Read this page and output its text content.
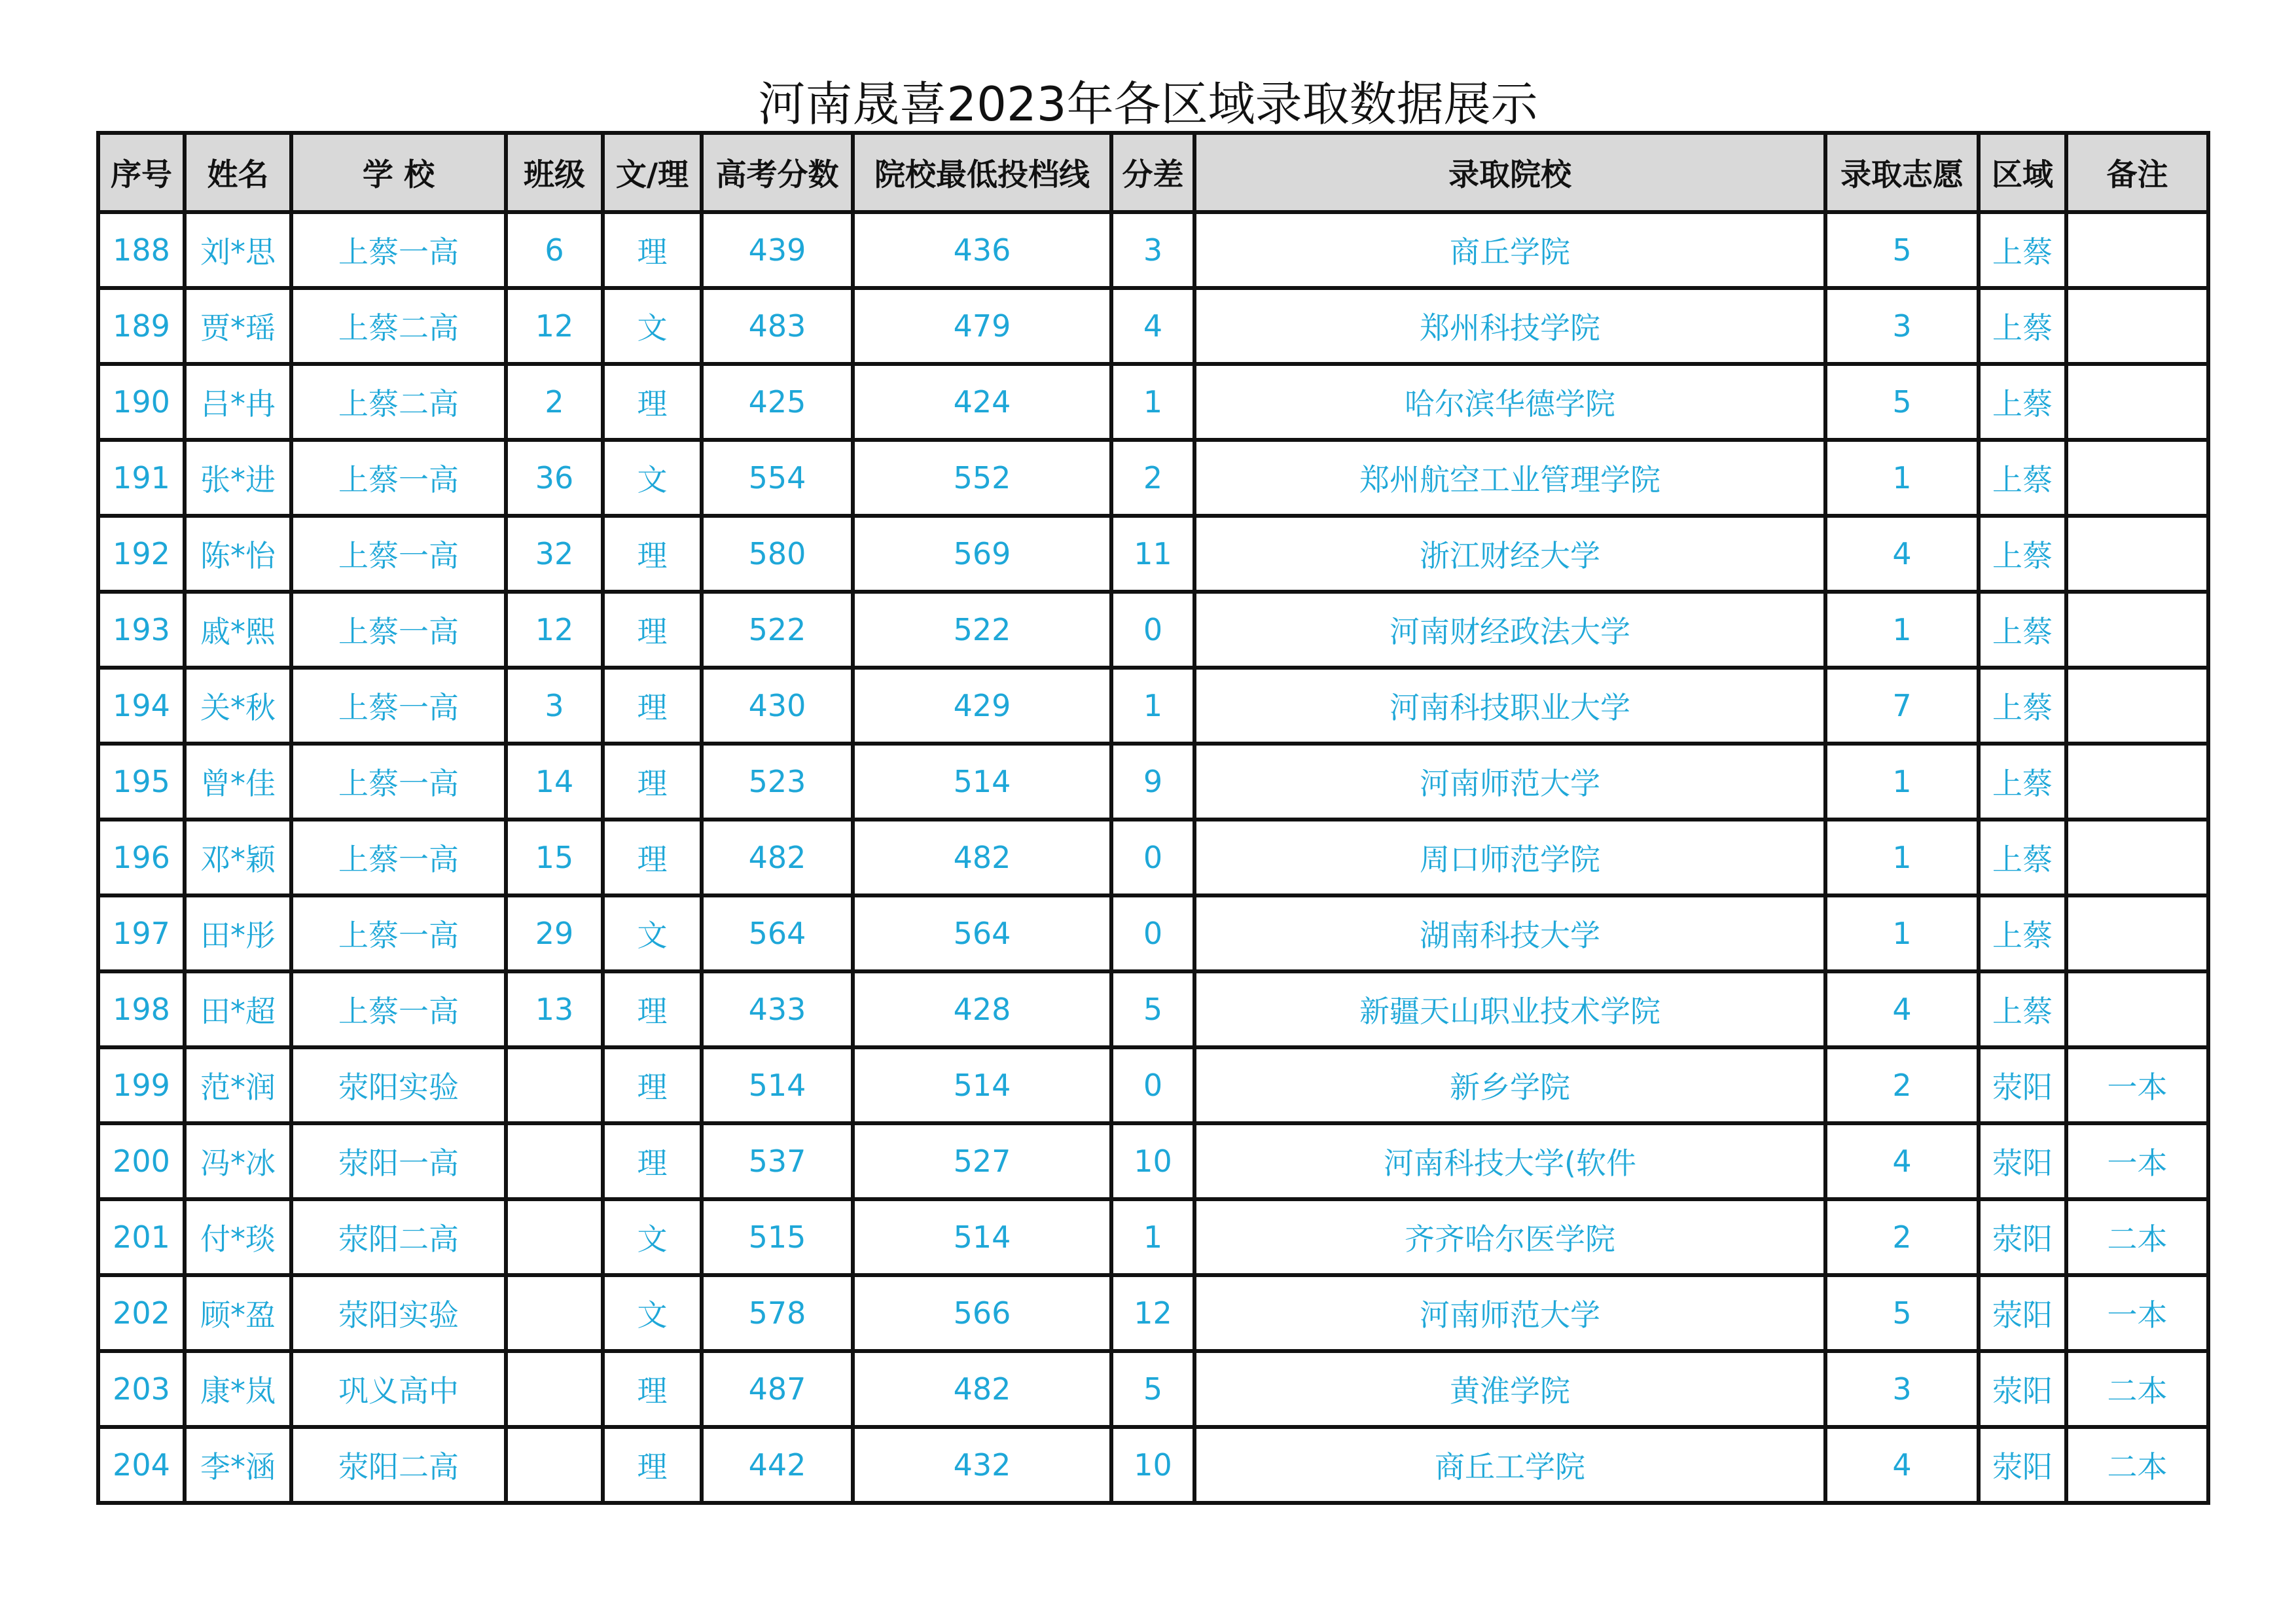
河南晟喜2023年各区域录取数据展示
序号	姓名	学 校	班级	文/理	高考分数	院校最低投档线	分差	录取院校	录取志愿	区域	备注
188	刘*思	上蔡一高	6	理	439	436	3	商丘学院	5	上蔡	
189	贾*瑶	上蔡二高	12	文	483	479	4	郑州科技学院	3	上蔡	
190	吕*冉	上蔡二高	2	理	425	424	1	哈尔滨华德学院	5	上蔡	
191	张*进	上蔡一高	36	文	554	552	2	郑州航空工业管理学院	1	上蔡	
192	陈*怡	上蔡一高	32	理	580	569	11	浙江财经大学	4	上蔡	
193	戚*熙	上蔡一高	12	理	522	522	0	河南财经政法大学	1	上蔡	
194	关*秋	上蔡一高	3	理	430	429	1	河南科技职业大学	7	上蔡	
195	曾*佳	上蔡一高	14	理	523	514	9	河南师范大学	1	上蔡	
196	邓*颖	上蔡一高	15	理	482	482	0	周口师范学院	1	上蔡	
197	田*彤	上蔡一高	29	文	564	564	0	湖南科技大学	1	上蔡	
198	田*超	上蔡一高	13	理	433	428	5	新疆天山职业技术学院	4	上蔡	
199	范*润	荥阳实验		理	514	514	0	新乡学院	2	荥阳	一本
200	冯*冰	荥阳一高		理	537	527	10	河南科技大学(软件	4	荥阳	一本
201	付*琰	荥阳二高		文	515	514	1	齐齐哈尔医学院	2	荥阳	二本
202	顾*盈	荥阳实验		文	578	566	12	河南师范大学	5	荥阳	一本
203	康*岚	巩义高中		理	487	482	5	黄淮学院	3	荥阳	二本
204	李*涵	荥阳二高		理	442	432	10	商丘工学院	4	荥阳	二本
